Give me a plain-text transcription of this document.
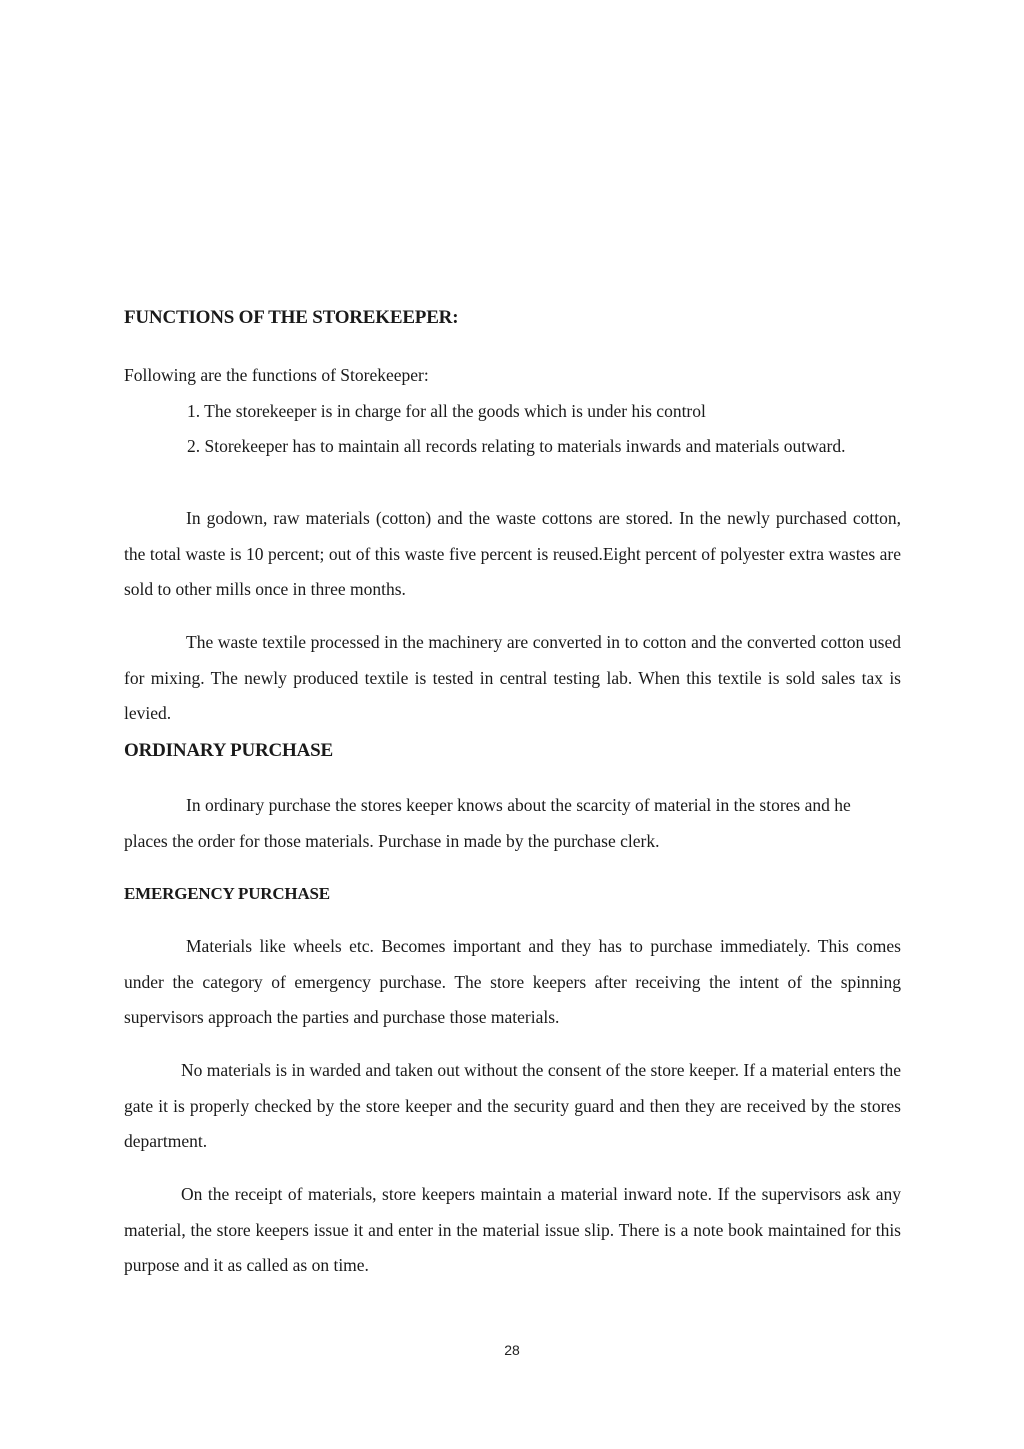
FUNCTIONS OF THE STOREKEEPER:

Following are the functions of Storekeeper:

1. The storekeeper is in charge for all the goods which is under his control

2. Storekeeper has to maintain all records relating to materials inwards and materials outward.

In godown, raw materials (cotton) and the waste cottons are stored. In the newly purchased cotton, the total waste is 10 percent; out of this waste five percent is reused.Eight percent of polyester extra wastes are sold to other mills once in three months.

The waste textile processed in the machinery are converted in to cotton and the converted cotton used for mixing. The newly produced textile is tested in central testing lab. When this textile is sold sales tax is levied.

ORDINARY PURCHASE

In ordinary purchase the stores keeper knows about the scarcity of material in the stores and he places the order for those materials. Purchase in made by the purchase clerk.

EMERGENCY PURCHASE

Materials like wheels etc. Becomes important and they has to purchase immediately. This comes under the category of emergency purchase. The store keepers after receiving the intent of the spinning supervisors approach the parties and purchase those materials.

No materials is in warded and taken out without the consent of the store keeper. If a material enters the gate it is properly checked by the store keeper and the security guard and then they are received by the stores department.

On the receipt of materials, store keepers maintain a material inward note. If the supervisors ask any material, the store keepers issue it and enter in the material issue slip. There is a note book maintained for this purpose and it as called as on time.

28
